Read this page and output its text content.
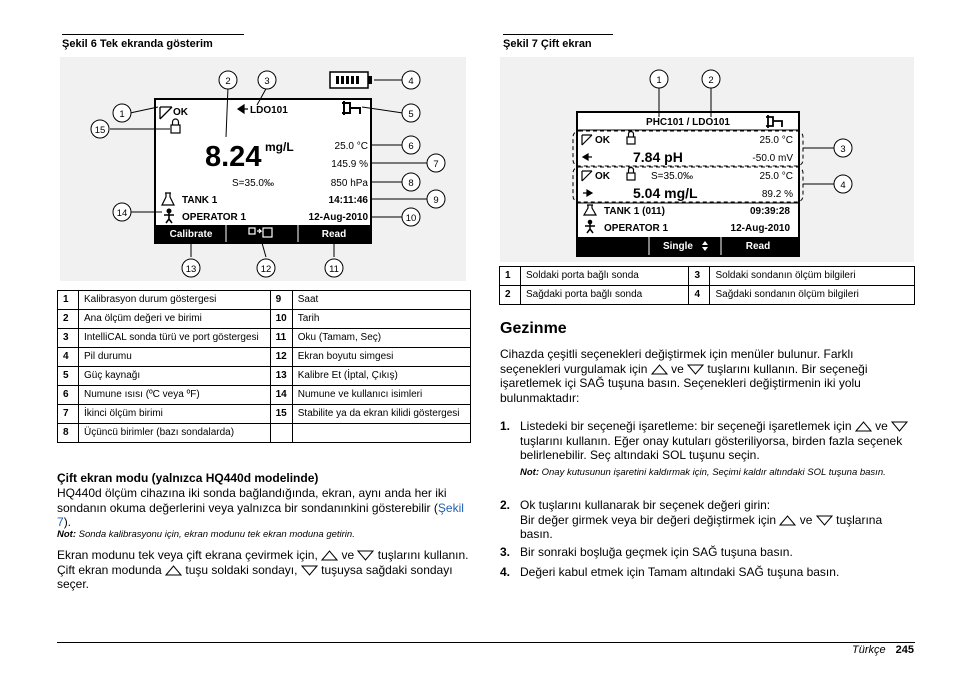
Şekil 6 Tek ekranda gösterim
OK	LDO101
8.24 mg/L
S=35.0‰
25.0 °C
145.9 %
850 hPa
TANK 1	14:11:46
OPERATOR 1	12-Aug-2010
Calibrate	Read
1
2	3	4
5
6
7
8
9
10
11
12
13
14
15
1	Kalibrasyon durum göstergesi	9	Saat
2	Ana ölçüm değeri ve birimi	10	Tarih
3	IntelliCAL sonda türü ve port göstergesi	11	Oku (Tamam, Seç)
4	Pil durumu	12	Ekran boyutu simgesi
5	Güç kaynağı	13	Kalibre Et (İptal, Çıkış)
6	Numune ısısı (ºC veya ºF)	14	Numune ve kullanıcı isimleri
7	İkinci ölçüm birimi	15	Stabilite ya da ekran kilidi göstergesi
8	Üçüncü birimler (bazı sondalarda)		
Çift ekran modu (yalnızca HQ440d modelinde)
HQ440d ölçüm cihazına iki sonda bağlandığında, ekran, aynı anda her iki sondanın okuma değerlerini veya yalnızca bir sondanınkini gösterebilir (Şekil 7).
Not: Sonda kalibrasyonu için, ekran modunu tek ekran moduna getirin.
Ekran modunu tek veya çift ekrana çevirmek için,  ve  tuşlarını kullanın. Çift ekran modunda  tuşu soldaki sondayı,  tuşuysa sağdaki sondayı seçer.
Şekil 7 Çift ekran
PHC101 / LDO101
OK	25.0 °C
7.84 pH	-50.0 mV
OK	S=35.0‰	25.0 °C
5.04 mg/L	89.2 %
TANK 1 (011)	09:39:28
OPERATOR 1	12-Aug-2010
Single	Read
1	2
3
4
1	Soldaki porta bağlı sonda	3	Soldaki sondanın ölçüm bilgileri
2	Sağdaki porta bağlı sonda	4	Sağdaki sondanın ölçüm bilgileri
Gezinme
Cihazda çeşitli seçenekleri değiştirmek için menüler bulunur. Farklı seçenekleri vurgulamak için  ve  tuşlarını kullanın. Bir seçeneği işaretlemek içi SAĞ tuşuna basın. Seçenekleri değiştirmenin iki yolu bulunmaktadır:
1. Listedeki bir seçeneği işaretleme: bir seçeneği işaretlemek için  ve  tuşlarını kullanın. Eğer onay kutuları gösteriliyorsa, birden fazla seçenek belirlenebilir. Seç altındaki SOL tuşunu seçin.
Not: Onay kutusunun işaretini kaldırmak için, Seçimi kaldır altındaki SOL tuşuna basın.
2. Ok tuşlarını kullanarak bir seçenek değeri girin:
Bir değer girmek veya bir değeri değiştirmek için  ve  tuşlarına basın.
3. Bir sonraki boşluğa geçmek için SAĞ tuşuna basın.
4. Değeri kabul etmek için Tamam altındaki SAĞ tuşuna basın.
Türkçe 245
